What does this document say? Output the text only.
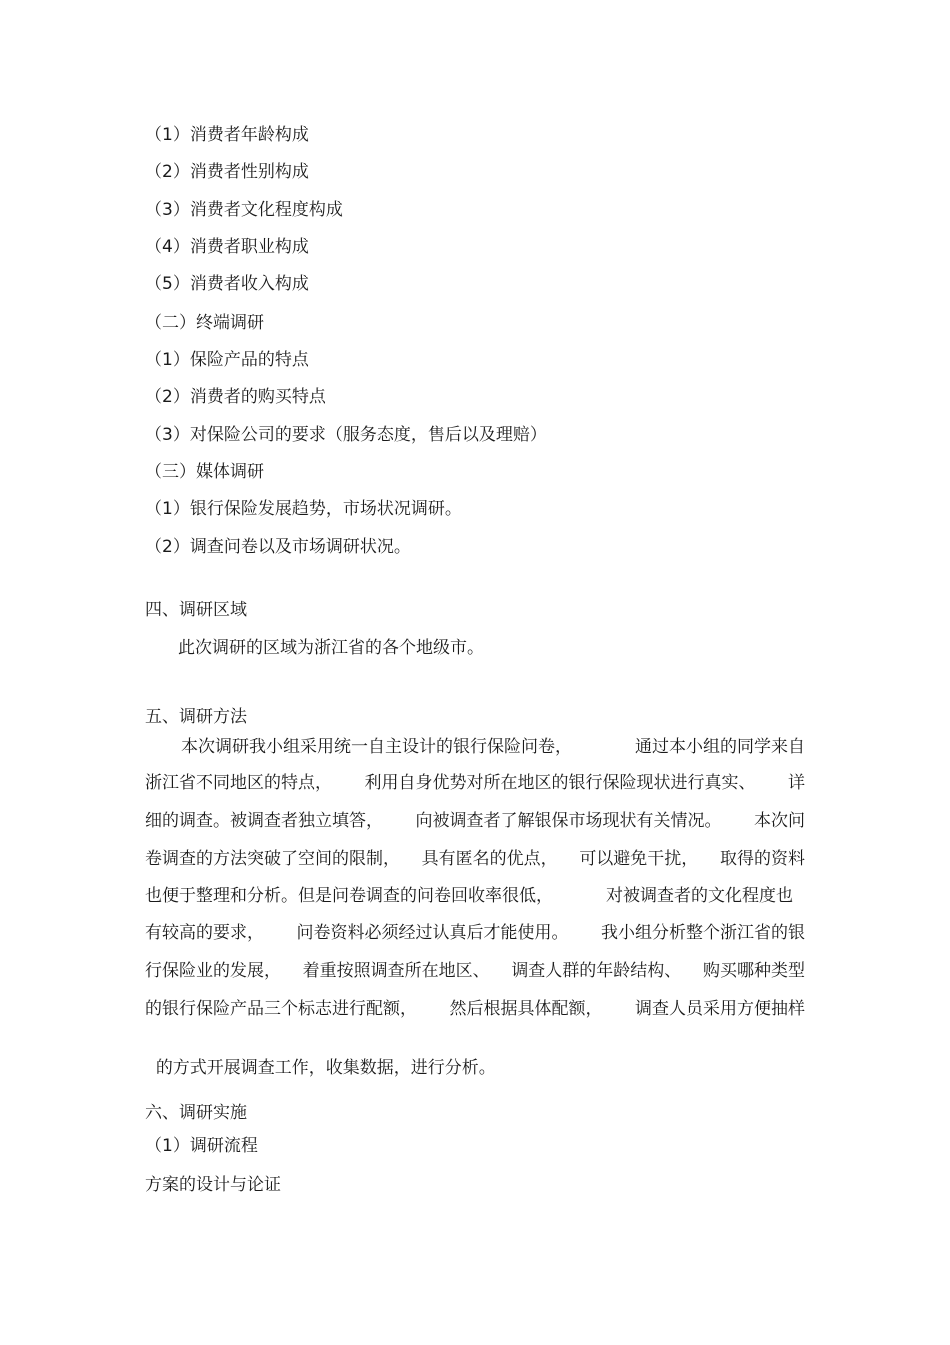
（1）消费者年龄构成

（2）消费者性别构成

（3）消费者文化程度构成

（4）消费者职业构成

（5）消费者收入构成

（二）终端调研

（1）保险产品的特点

（2）消费者的购买特点

（3）对保险公司的要求（服务态度，售后以及理赔）

（三）媒体调研

（1）银行保险发展趋势，市场状况调研。

（2）调查问卷以及市场调研状况。

四、调研区域

此次调研的区域为浙江省的各个地级市。

五、调研方法

本次调研我小组采用统一自主设计的银行保险问卷，	通过本小组的同学来自
浙江省不同地区的特点， 利用自身优势对所在地区的银行保险现状进行真实、 详
细的调查。被调查者独立填答， 向被调查者了解银保市场现状有关情况。 本次问
卷调查的方法突破了空间的限制， 具有匿名的优点， 可以避免干扰， 取得的资料
也便于整理和分析。但是问卷调查的问卷回收率很低，	对被调查者的文化程度也
有较高的要求， 问卷资料必须经过认真后才能使用。 我小组分析整个浙江省的银
行保险业的发展， 着重按照调查所在地区、 调查人群的年龄结构、 购买哪种类型
的银行保险产品三个标志进行配额， 然后根据具体配额， 调查人员采用方便抽样

的方式开展调查工作，收集数据，进行分析。

六、调研实施

（1）调研流程

方案的设计与论证
